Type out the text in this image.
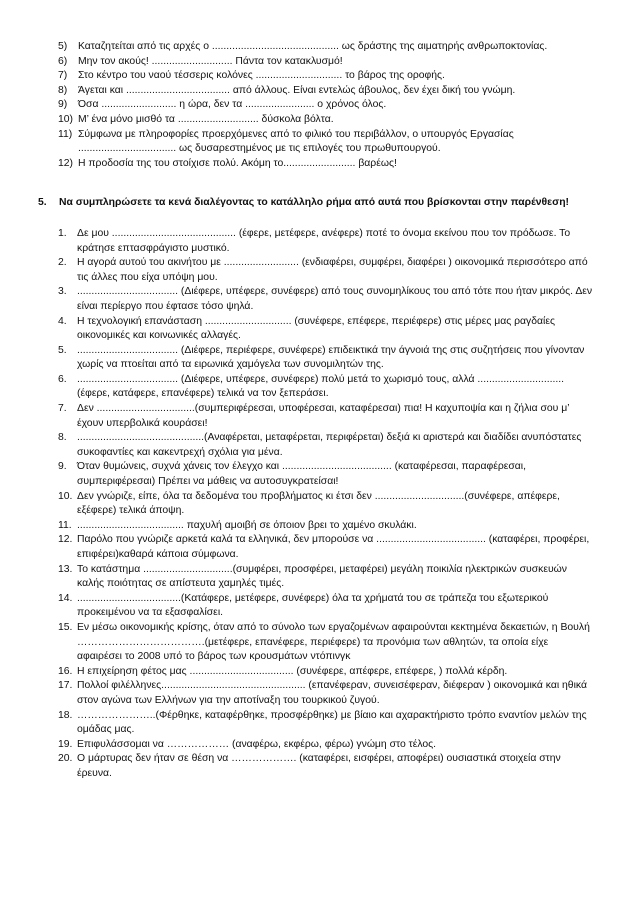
5) Καταζητείται από τις αρχές ο ............................................ ως δράστης της αιματηρής ανθρωποκτονίας.
6) Μην τον ακούς! ............................ Πάντα τον κατακλυσμό!
7) Στο κέντρο του ναού τέσσερις κολόνες .............................. το βάρος της οροφής.
8) Άγεται και .................................... από άλλους. Είναι εντελώς άβουλος, δεν έχει δική του γνώμη.
9) Όσα .......................... η ώρα, δεν τα ........................ ο χρόνος όλος.
10) Μ’ ένα μόνο μισθό τα ............................ δύσκολα βόλτα.
11) Σύμφωνα με πληροφορίες προερχόμενες από το φιλικό του περιβάλλον, ο υπουργός Εργασίας .................................. ως δυσαρεστημένος με τις επιλογές του πρωθυπουργού.
12) Η προδοσία της του στοίχισε πολύ. Ακόμη το......................... βαρέως!
5. Να συμπληρώσετε τα κενά διαλέγοντας το κατάλληλο ρήμα από αυτά που βρίσκονται στην παρένθεση!
1. Δε μου ........................................... (έφερε, μετέφερε, ανέφερε) ποτέ το όνομα εκείνου που τον πρόδωσε. Το κράτησε επτασφράγιστο μυστικό.
2. Η αγορά αυτού του ακινήτου με .......................... (ενδιαφέρει, συμφέρει, διαφέρει ) οικονομικά περισσότερο από τις άλλες που είχα υπόψη μου.
3. ................................... (Διέφερε, υπέφερε, συνέφερε) από τους συνομηλίκους του από τότε που ήταν μικρός. Δεν είναι περίεργο που έφτασε τόσο ψηλά.
4. Η τεχνολογική επανάσταση .............................. (συνέφερε, επέφερε, περιέφερε) στις μέρες μας ραγδαίες οικονομικές και κοινωνικές αλλαγές.
5. ................................... (Διέφερε, περιέφερε, συνέφερε) επιδεικτικά την άγνοιά της στις συζητήσεις που γίνονταν χωρίς να πτοείται από τα ειρωνικά χαμόγελα των συνομιλητών της.
6. ................................... (Διέφερε, υπέφερε, συνέφερε) πολύ μετά το χωρισμό τους, αλλά .............................. (έφερε, κατάφερε, επανέφερε) τελικά να τον ξεπεράσει.
7. Δεν ..................................(συμπεριφέρεσαι, υποφέρεσαι, καταφέρεσαι) πια! Η καχυποψία και η ζήλια σου μ’ έχουν υπερβολικά κουράσει!
8. ............................................(Αναφέρεται, μεταφέρεται, περιφέρεται) δεξιά κι αριστερά και διαδίδει ανυπόστατες συκοφαντίες και κακεντρεχή σχόλια για μένα.
9. Όταν θυμώνεις, συχνά χάνεις τον έλεγχο και ...................................... (καταφέρεσαι, παραφέρεσαι, συμπεριφέρεσαι) Πρέπει να μάθεις να αυτοσυγκρατείσαι!
10. Δεν γνώριζε, είπε, όλα τα δεδομένα του προβλήματος κι έτσι δεν ...............................(συνέφερε, απέφερε, εξέφερε) τελικά άποψη.
11. ..................................... παχυλή αμοιβή σε όποιον βρει το χαμένο σκυλάκι.
12. Παρόλο που γνώριζε αρκετά καλά τα ελληνικά, δεν μπορούσε να ...................................... (καταφέρει, προφέρει, επιφέρει)καθαρά κάποια σύμφωνα.
13. Το κατάστημα ...............................(συμφέρει, προσφέρει, μεταφέρει) μεγάλη ποικιλία ηλεκτρικών συσκευών καλής ποιότητας σε απίστευτα χαμηλές τιμές.
14. ....................................(Κατάφερε, μετέφερε, συνέφερε) όλα τα χρήματά του σε τράπεζα του εξωτερικού προκειμένου να τα εξασφαλίσει.
15. Εν μέσω οικονομικής κρίσης, όταν από το σύνολο των εργαζομένων αφαιρούνται κεκτημένα δεκαετιών, η Βουλή ……………………………….(μετέφερε, επανέφερε, περιέφερε) τα προνόμια των αθλητών, τα οποία είχε αφαιρέσει το 2008 υπό το βάρος των κρουσμάτων ντόπινγκ
16. Η επιχείρηση φέτος μας .................................... (συνέφερε, απέφερε, επέφερε, ) πολλά κέρδη.
17. Πολλοί φιλέλληνες.................................................. (επανέφεραν, συνεισέφεραν, διέφεραν ) οικονομικά και ηθικά στον αγώνα των Ελλήνων για την αποτίναξη του τουρκικού ζυγού.
18. …………………..(Φέρθηκε, καταφέρθηκε, προσφέρθηκε) με βίαιο και αχαρακτήριστο τρόπο εναντίον μελών της ομάδας μας.
19. Επιφυλάσσομαι να ……………… (αναφέρω, εκφέρω, φέρω) γνώμη στο τέλος.
20. Ο μάρτυρας δεν ήταν σε θέση να ………………. (καταφέρει, εισφέρει, αποφέρει) ουσιαστικά στοιχεία στην έρευνα.
